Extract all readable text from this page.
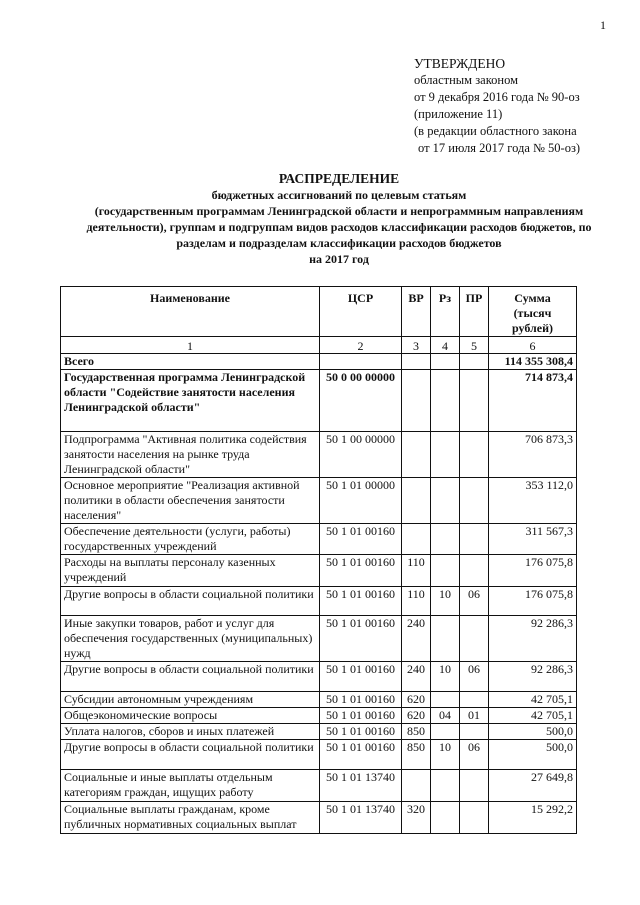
1
УТВЕРЖДЕНО
областным законом
от 9 декабря 2016 года № 90-оз
(приложение 11)
(в редакции областного закона
от 17 июля 2017 года № 50-оз)
РАСПРЕДЕЛЕНИЕ
бюджетных ассигнований по целевым статьям
(государственным программам Ленинградской области и непрограммным направлениям
деятельности), группам и подгруппам видов расходов классификации расходов бюджетов, по
разделам и подразделам классификации расходов бюджетов
на 2017 год
Наименование	ЦСР	ВР	Рз	ПР	Сумма
(тысяч рублей)

1	2	3	4	5	6
Всего					114 355 308,4
Государственная программа Ленинградской области "Содействие занятости населения Ленинградской области"	50 0 00 00000				714 873,4
Подпрограмма "Активная политика содействия занятости населения на рынке труда Ленинградской области"	50 1 00 00000				706 873,3
Основное мероприятие "Реализация активной политики в области обеспечения занятости населения"	50 1 01 00000				353 112,0
Обеспечение деятельности (услуги, работы) государственных учреждений	50 1 01 00160				311 567,3
Расходы на выплаты персоналу казенных учреждений	50 1 01 00160	110			176 075,8
Другие вопросы в области социальной политики	50 1 01 00160	110	10	06	176 075,8
Иные закупки товаров, работ и услуг для обеспечения государственных (муниципальных) нужд	50 1 01 00160	240			92 286,3
Другие вопросы в области социальной политики	50 1 01 00160	240	10	06	92 286,3
Субсидии автономным учреждениям	50 1 01 00160	620			42 705,1
Общеэкономические вопросы	50 1 01 00160	620	04	01	42 705,1
Уплата налогов, сборов и иных платежей	50 1 01 00160	850			500,0
Другие вопросы в области социальной политики	50 1 01 00160	850	10	06	500,0
Социальные и иные выплаты отдельным категориям граждан, ищущих работу	50 1 01 13740				27 649,8
Социальные выплаты гражданам, кроме публичных нормативных социальных выплат	50 1 01 13740	320			15 292,2
